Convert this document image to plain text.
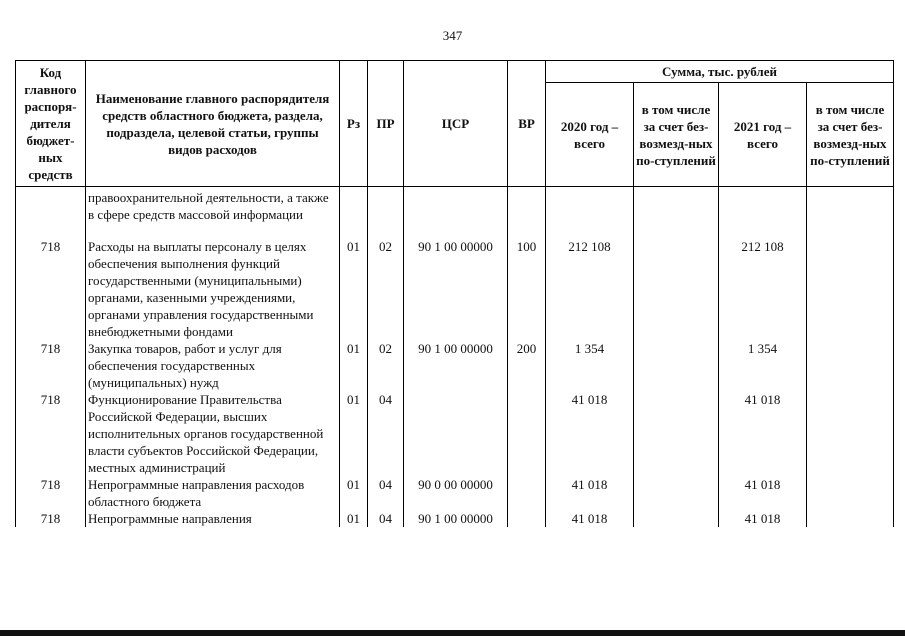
347
Код главного распоря-дителя бюджет-ных средств	Наименование главного распорядителя средств областного бюджета, раздела, подраздела, целевой статьи, группы видов расходов	Рз	ПР	ЦСР	ВР	Сумма, тыс. рублей			
						2020 год – всего	в том числе за счет без-возмезд-ных по-ступлений	2021 год – всего	в том числе за счет без-возмезд-ных по-ступлений
	правоохранительной деятельности, а также в сфере средств массовой информации								
718	Расходы на выплаты персоналу в целях обеспечения выполнения функций государственными (муниципальными) органами, казенными учреждениями, органами управления государственными внебюджетными фондами	01	02	90 1 00 00000	100	212 108		212 108	
718	Закупка товаров, работ и услуг для обеспечения государственных (муниципальных) нужд	01	02	90 1 00 00000	200	1 354		1 354	
718	Функционирование Правительства Российской Федерации, высших исполнительных органов государственной власти субъектов Российской Федерации, местных администраций	01	04			41 018		41 018	
718	Непрограммные направления расходов областного бюджета	01	04	90 0 00 00000		41 018		41 018	
718	Непрограммные направления	01	04	90 1 00 00000		41 018		41 018	
